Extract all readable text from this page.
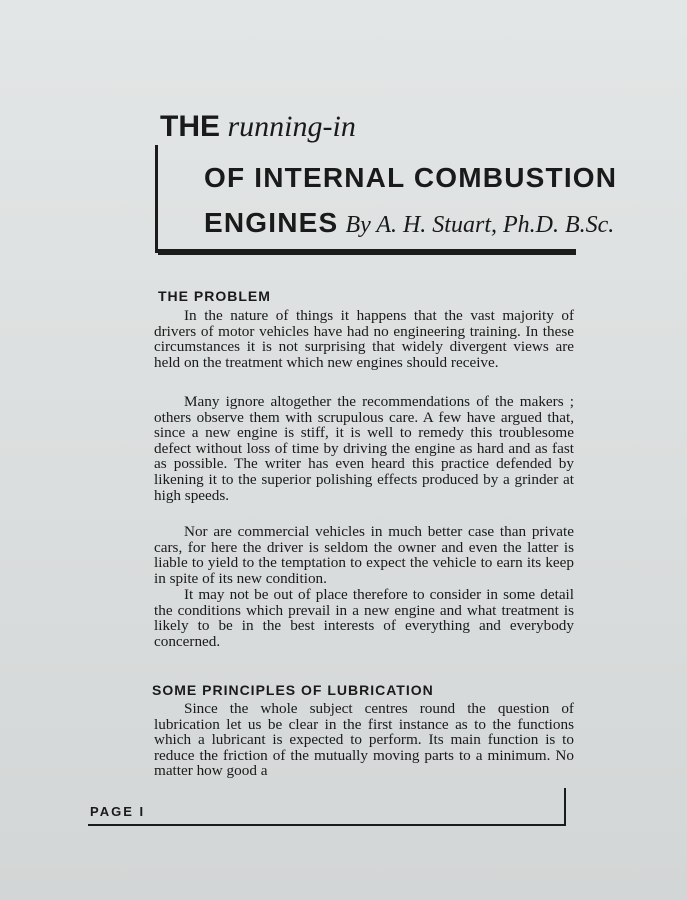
THE running-in
OF INTERNAL COMBUSTION
ENGINES By A. H. Stuart, Ph.D. B.Sc.
THE PROBLEM
In the nature of things it happens that the vast majority of drivers of motor vehicles have had no engineering training. In these circumstances it is not surprising that widely divergent views are held on the treatment which new engines should receive.
Many ignore altogether the recommendations of the makers ; others observe them with scrupulous care. A few have argued that, since a new engine is stiff, it is well to remedy this troublesome defect without loss of time by driving the engine as hard and as fast as possible. The writer has even heard this practice defended by likening it to the superior polishing effects produced by a grinder at high speeds.
Nor are commercial vehicles in much better case than private cars, for here the driver is seldom the owner and even the latter is liable to yield to the temptation to expect the vehicle to earn its keep in spite of its new condition.
It may not be out of place therefore to consider in some detail the conditions which prevail in a new engine and what treatment is likely to be in the best interests of everything and everybody concerned.
SOME PRINCIPLES OF LUBRICATION
Since the whole subject centres round the question of lubrication let us be clear in the first instance as to the functions which a lubricant is expected to perform. Its main function is to reduce the friction of the mutually moving parts to a minimum. No matter how good a
PAGE I
